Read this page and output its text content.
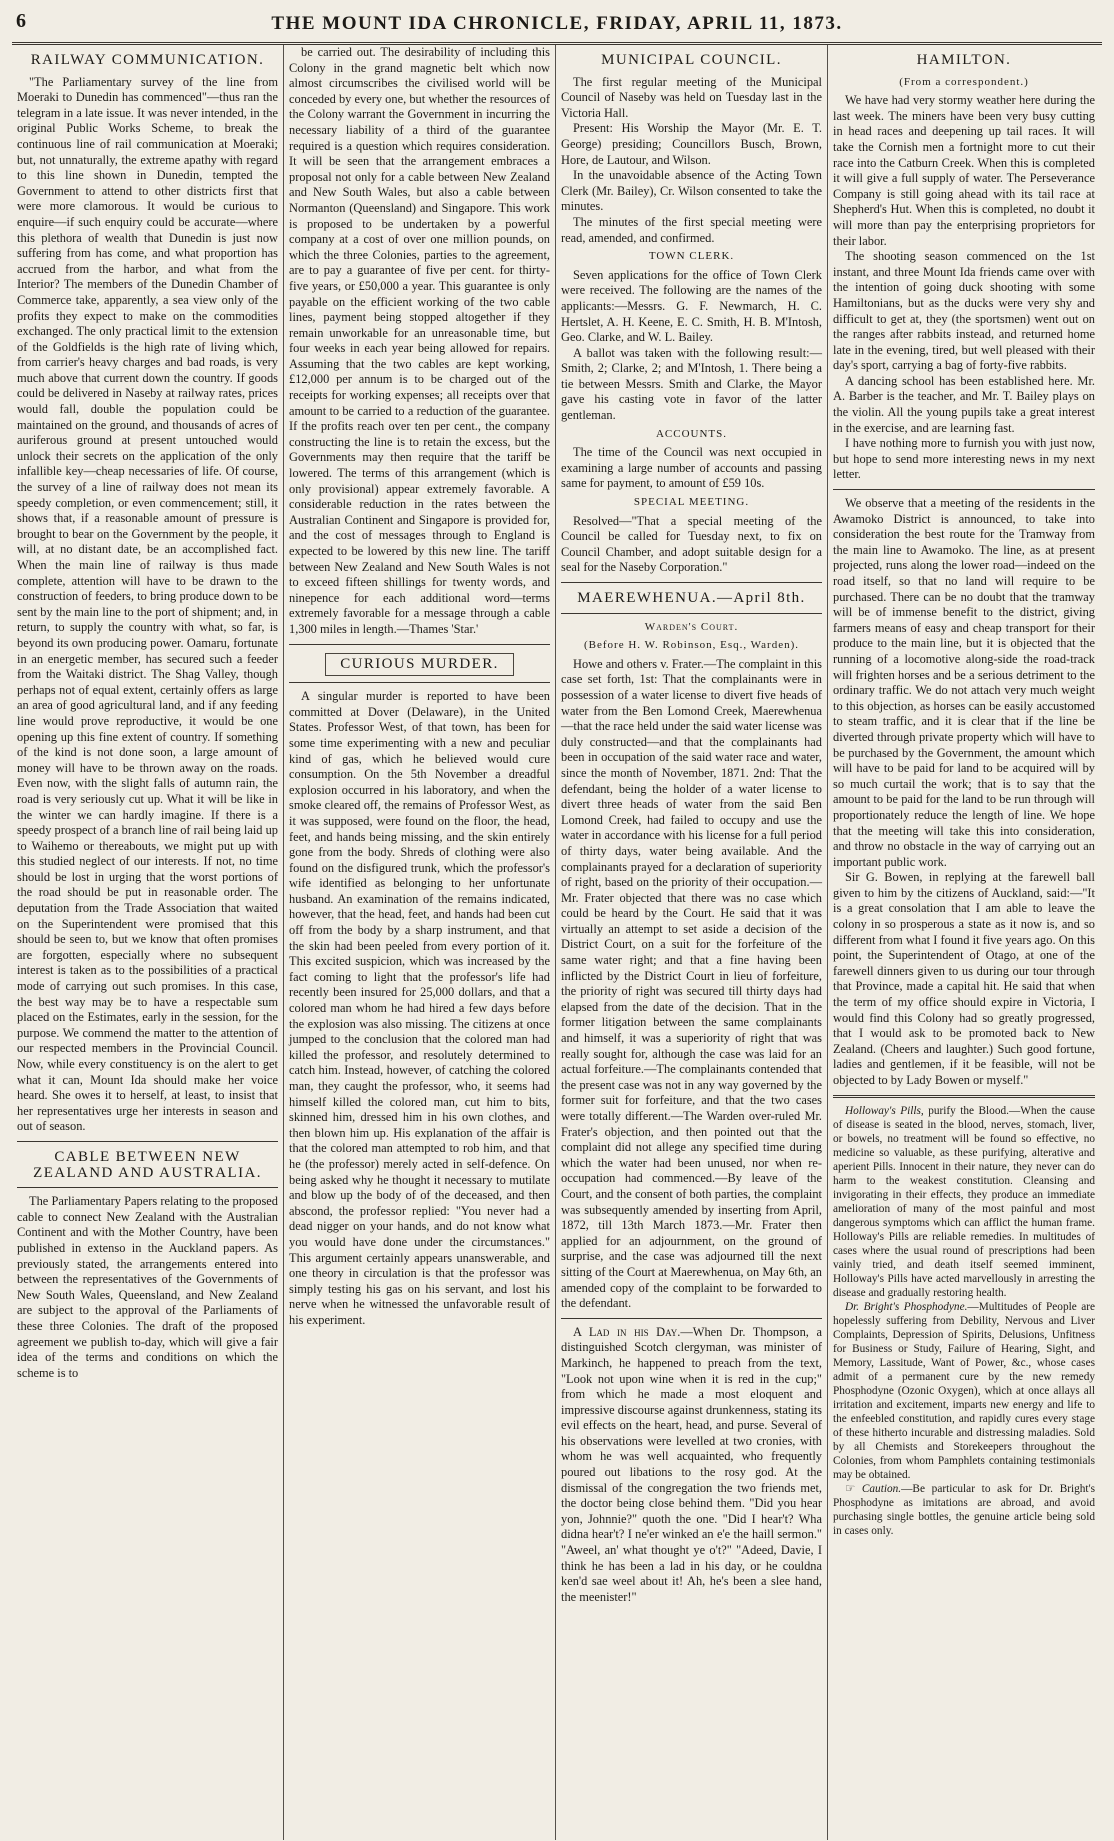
6	THE MOUNT IDA CHRONICLE, FRIDAY, APRIL 11, 1873.
RAILWAY COMMUNICATION.

"The Parliamentary survey of the line from Moeraki to Dunedin has commenced"—thus ran the telegram in a late issue. It was never intended, in the original Public Works Scheme, to break the continuous line of rail communication at Moeraki; but, not unnaturally, the extreme apathy with regard to this line shown in Dunedin, tempted the Government to attend to other districts first that were more clamorous. It would be curious to enquire—if such enquiry could be accurate—where this plethora of wealth that Dunedin is just now suffering from has come, and what proportion has accrued from the harbor, and what from the Interior? The members of the Dunedin Chamber of Commerce take, apparently, a sea view only of the profits they expect to make on the commodities exchanged. The only practical limit to the extension of the Goldfields is the high rate of living which, from carrier's heavy charges and bad roads, is very much above that current down the country. If goods could be delivered in Naseby at railway rates, prices would fall, double the population could be maintained on the ground, and thousands of acres of auriferous ground at present untouched would unlock their secrets on the application of the only infallible key—cheap necessaries of life. Of course, the survey of a line of railway does not mean its speedy completion, or even commencement; still, it shows that, if a reasonable amount of pressure is brought to bear on the Government by the people, it will, at no distant date, be an accomplished fact. When the main line of railway is thus made complete, attention will have to be drawn to the construction of feeders, to bring produce down to be sent by the main line to the port of shipment; and, in return, to supply the country with what, so far, is beyond its own producing power. Oamaru, fortunate in an energetic member, has secured such a feeder from the Waitaki district. The Shag Valley, though perhaps not of equal extent, certainly offers as large an area of good agricultural land, and if any feeding line would prove reproductive, it would be one opening up this fine extent of country. If something of the kind is not done soon, a large amount of money will have to be thrown away on the roads. Even now, with the slight falls of autumn rain, the road is very seriously cut up. What it will be like in the winter we can hardly imagine. If there is a speedy prospect of a branch line of rail being laid up to Waihemo or thereabouts, we might put up with this studied neglect of our interests. If not, no time should be lost in urging that the worst portions of the road should be put in reasonable order. The deputation from the Trade Association that waited on the Superintendent were promised that this should be seen to, but we know that often promises are forgotten, especially where no subsequent interest is taken as to the possibilities of a practical mode of carrying out such promises. In this case, the best way may be to have a respectable sum placed on the Estimates, early in the session, for the purpose. We commend the matter to the attention of our respected members in the Provincial Council. Now, while every constituency is on the alert to get what it can, Mount Ida should make her voice heard. She owes it to herself, at least, to insist that her representatives urge her interests in season and out of season.

CABLE BETWEEN NEW ZEALAND AND AUSTRALIA.

The Parliamentary Papers relating to the proposed cable to connect New Zealand with the Australian Continent and with the Mother Country, have been published in extenso in the Auckland papers. As previously stated, the arrangements entered into between the representatives of the Governments of New South Wales, Queensland, and New Zealand are subject to the approval of the Parliaments of these three Colonies. The draft of the proposed agreement we publish to-day, which will give a fair idea of the terms and conditions on which the scheme is to

be carried out. The desirability of including this Colony in the grand magnetic belt which now almost circumscribes the civilised world will be conceded by every one, but whether the resources of the Colony warrant the Government in incurring the necessary liability of a third of the guarantee required is a question which requires consideration. It will be seen that the arrangement embraces a proposal not only for a cable between New Zealand and New South Wales, but also a cable between Normanton (Queensland) and Singapore. This work is proposed to be undertaken by a powerful company at a cost of over one million pounds, on which the three Colonies, parties to the agreement, are to pay a guarantee of five per cent. for thirty-five years, or £50,000 a year. This guarantee is only payable on the efficient working of the two cable lines, payment being stopped altogether if they remain unworkable for an unreasonable time, but four weeks in each year being allowed for repairs. Assuming that the two cables are kept working, £12,000 per annum is to be charged out of the receipts for working expenses; all receipts over that amount to be carried to a reduction of the guarantee. If the profits reach over ten per cent., the company constructing the line is to retain the excess, but the Governments may then require that the tariff be lowered. The terms of this arrangement (which is only provisional) appear extremely favorable. A considerable reduction in the rates between the Australian Continent and Singapore is provided for, and the cost of messages through to England is expected to be lowered by this new line. The tariff between New Zealand and New South Wales is not to exceed fifteen shillings for twenty words, and ninepence for each additional word—terms extremely favorable for a message through a cable 1,300 miles in length.—Thames 'Star.'

CURIOUS MURDER.

A singular murder is reported to have been committed at Dover (Delaware), in the United States. Professor West, of that town, has been for some time experimenting with a new and peculiar kind of gas, which he believed would cure consumption. On the 5th November a dreadful explosion occurred in his laboratory, and when the smoke cleared off, the remains of Professor West, as it was supposed, were found on the floor, the head, feet, and hands being missing, and the skin entirely gone from the body. Shreds of clothing were also found on the disfigured trunk, which the professor's wife identified as belonging to her unfortunate husband. An examination of the remains indicated, however, that the head, feet, and hands had been cut off from the body by a sharp instrument, and that the skin had been peeled from every portion of it. This excited suspicion, which was increased by the fact coming to light that the professor's life had recently been insured for 25,000 dollars, and that a colored man whom he had hired a few days before the explosion was also missing. The citizens at once jumped to the conclusion that the colored man had killed the professor, and resolutely determined to catch him. Instead, however, of catching the colored man, they caught the professor, who, it seems had himself killed the colored man, cut him to bits, skinned him, dressed him in his own clothes, and then blown him up. His explanation of the affair is that the colored man attempted to rob him, and that he (the professor) merely acted in self-defence. On being asked why he thought it necessary to mutilate and blow up the body of of the deceased, and then abscond, the professor replied: "You never had a dead nigger on your hands, and do not know what you would have done under the circumstances." This argument certainly appears unanswerable, and one theory in circulation is that the professor was simply testing his gas on his servant, and lost his nerve when he witnessed the unfavorable result of his experiment.

MUNICIPAL COUNCIL.

The first regular meeting of the Municipal Council of Naseby was held on Tuesday last in the Victoria Hall.

Present: His Worship the Mayor (Mr. E. T. George) presiding; Councillors Busch, Brown, Hore, de Lautour, and Wilson.

In the unavoidable absence of the Acting Town Clerk (Mr. Bailey), Cr. Wilson consented to take the minutes.

The minutes of the first special meeting were read, amended, and confirmed.

TOWN CLERK.

Seven applications for the office of Town Clerk were received. The following are the names of the applicants:—Messrs. G. F. Newmarch, H. C. Hertslet, A. H. Keene, E. C. Smith, H. B. M'Intosh, Geo. Clarke, and W. L. Bailey.

A ballot was taken with the following result:—Smith, 2; Clarke, 2; and M'Intosh, 1. There being a tie between Messrs. Smith and Clarke, the Mayor gave his casting vote in favor of the latter gentleman.

ACCOUNTS.

The time of the Council was next occupied in examining a large number of accounts and passing same for payment, to amount of £59 10s.

SPECIAL MEETING.

Resolved—"That a special meeting of the Council be called for Tuesday next, to fix on Council Chamber, and adopt suitable design for a seal for the Naseby Corporation."

MAEREWHENUA.—April 8th.
Warden's Court.
(Before H. W. Robinson, Esq., Warden).

Howe and others v. Frater.—The complaint in this case set forth, 1st: That the complainants were in possession of a water license to divert five heads of water from the Ben Lomond Creek, Maerewhenua—that the race held under the said water license was duly constructed—and that the complainants had been in occupation of the said water race and water, since the month of November, 1871. 2nd: That the defendant, being the holder of a water license to divert three heads of water from the said Ben Lomond Creek, had failed to occupy and use the water in accordance with his license for a full period of thirty days, water being available. And the complainants prayed for a declaration of superiority of right, based on the priority of their occupation.—Mr. Frater objected that there was no case which could be heard by the Court. He said that it was virtually an attempt to set aside a decision of the District Court, on a suit for the forfeiture of the same water right; and that a fine having been inflicted by the District Court in lieu of forfeiture, the priority of right was secured till thirty days had elapsed from the date of the decision. That in the former litigation between the same complainants and himself, it was a superiority of right that was really sought for, although the case was laid for an actual forfeiture.—The complainants contended that the present case was not in any way governed by the former suit for forfeiture, and that the two cases were totally different.—The Warden over-ruled Mr. Frater's objection, and then pointed out that the complaint did not allege any specified time during which the water had been unused, nor when re-occupation had commenced.—By leave of the Court, and the consent of both parties, the complaint was subsequently amended by inserting from April, 1872, till 13th March 1873.—Mr. Frater then applied for an adjournment, on the ground of surprise, and the case was adjourned till the next sitting of the Court at Maerewhenua, on May 6th, an amended copy of the complaint to be forwarded to the defendant.

A Lad in his Day.—When Dr. Thompson, a distinguished Scotch clergyman, was minister of Markinch, he happened to preach from the text, "Look not upon wine when it is red in the cup;" from which he made a most eloquent and impressive discourse against drunkenness, stating its evil effects on the heart, head, and purse. Several of his observations were levelled at two cronies, with whom he was well acquainted, who frequently poured out libations to the rosy god. At the dismissal of the congregation the two friends met, the doctor being close behind them. "Did you hear yon, Johnnie?" quoth the one. "Did I hear't? Wha didna hear't? I ne'er winked an e'e the haill sermon." "Aweel, an' what thought ye o't?" "Adeed, Davie, I think he has been a lad in his day, or he couldna ken'd sae weel about it! Ah, he's been a slee hand, the meenister!"

HAMILTON.
(From a correspondent.)

We have had very stormy weather here during the last week. The miners have been very busy cutting in head races and deepening up tail races. It will take the Cornish men a fortnight more to cut their race into the Catburn Creek. When this is completed it will give a full supply of water. The Perseverance Company is still going ahead with its tail race at Shepherd's Hut. When this is completed, no doubt it will more than pay the enterprising proprietors for their labor.

The shooting season commenced on the 1st instant, and three Mount Ida friends came over with the intention of going duck shooting with some Hamiltonians, but as the ducks were very shy and difficult to get at, they (the sportsmen) went out on the ranges after rabbits instead, and returned home late in the evening, tired, but well pleased with their day's sport, carrying a bag of forty-five rabbits.

A dancing school has been established here. Mr. A. Barber is the teacher, and Mr. T. Bailey plays on the violin. All the young pupils take a great interest in the exercise, and are learning fast.

I have nothing more to furnish you with just now, but hope to send more interesting news in my next letter.

We observe that a meeting of the residents in the Awamoko District is announced, to take into consideration the best route for the Tramway from the main line to Awamoko. The line, as at present projected, runs along the lower road—indeed on the road itself, so that no land will require to be purchased. There can be no doubt that the tramway will be of immense benefit to the district, giving farmers means of easy and cheap transport for their produce to the main line, but it is objected that the running of a locomotive along-side the road-track will frighten horses and be a serious detriment to the ordinary traffic. We do not attach very much weight to this objection, as horses can be easily accustomed to steam traffic, and it is clear that if the line be diverted through private property which will have to be purchased by the Government, the amount which will have to be paid for land to be acquired will by so much curtail the work; that is to say that the amount to be paid for the land to be run through will proportionately reduce the length of line. We hope that the meeting will take this into consideration, and throw no obstacle in the way of carrying out an important public work.

Sir G. Bowen, in replying at the farewell ball given to him by the citizens of Auckland, said:—"It is a great consolation that I am able to leave the colony in so prosperous a state as it now is, and so different from what I found it five years ago. On this point, the Superintendent of Otago, at one of the farewell dinners given to us during our tour through that Province, made a capital hit. He said that when the term of my office should expire in Victoria, I would find this Colony had so greatly progressed, that I would ask to be promoted back to New Zealand. (Cheers and laughter.) Such good fortune, ladies and gentlemen, if it be feasible, will not be objected to by Lady Bowen or myself."

Holloway's Pills, purify the Blood.—When the cause of disease is seated in the blood, nerves, stomach, liver, or bowels, no treatment will be found so effective, no medicine so valuable, as these purifying, alterative and aperient Pills. Innocent in their nature, they never can do harm to the weakest constitution. Cleansing and invigorating in their effects, they produce an immediate amelioration of many of the most painful and most dangerous symptoms which can afflict the human frame. Holloway's Pills are reliable remedies. In multitudes of cases where the usual round of prescriptions had been vainly tried, and death itself seemed imminent, Holloway's Pills have acted marvellously in arresting the disease and gradually restoring health.

Dr. Bright's Phosphodyne.—Multitudes of People are hopelessly suffering from Debility, Nervous and Liver Complaints, Depression of Spirits, Delusions, Unfitness for Business or Study, Failure of Hearing, Sight, and Memory, Lassitude, Want of Power, &c., whose cases admit of a permanent cure by the new remedy Phosphodyne (Ozonic Oxygen), which at once allays all irritation and excitement, imparts new energy and life to the enfeebled constitution, and rapidly cures every stage of these hitherto incurable and distressing maladies. Sold by all Chemists and Storekeepers throughout the Colonies, from whom Pamphlets containing testimonials may be obtained.

☞ Caution.—Be particular to ask for Dr. Bright's Phosphodyne as imitations are abroad, and avoid purchasing single bottles, the genuine article being sold in cases only.
